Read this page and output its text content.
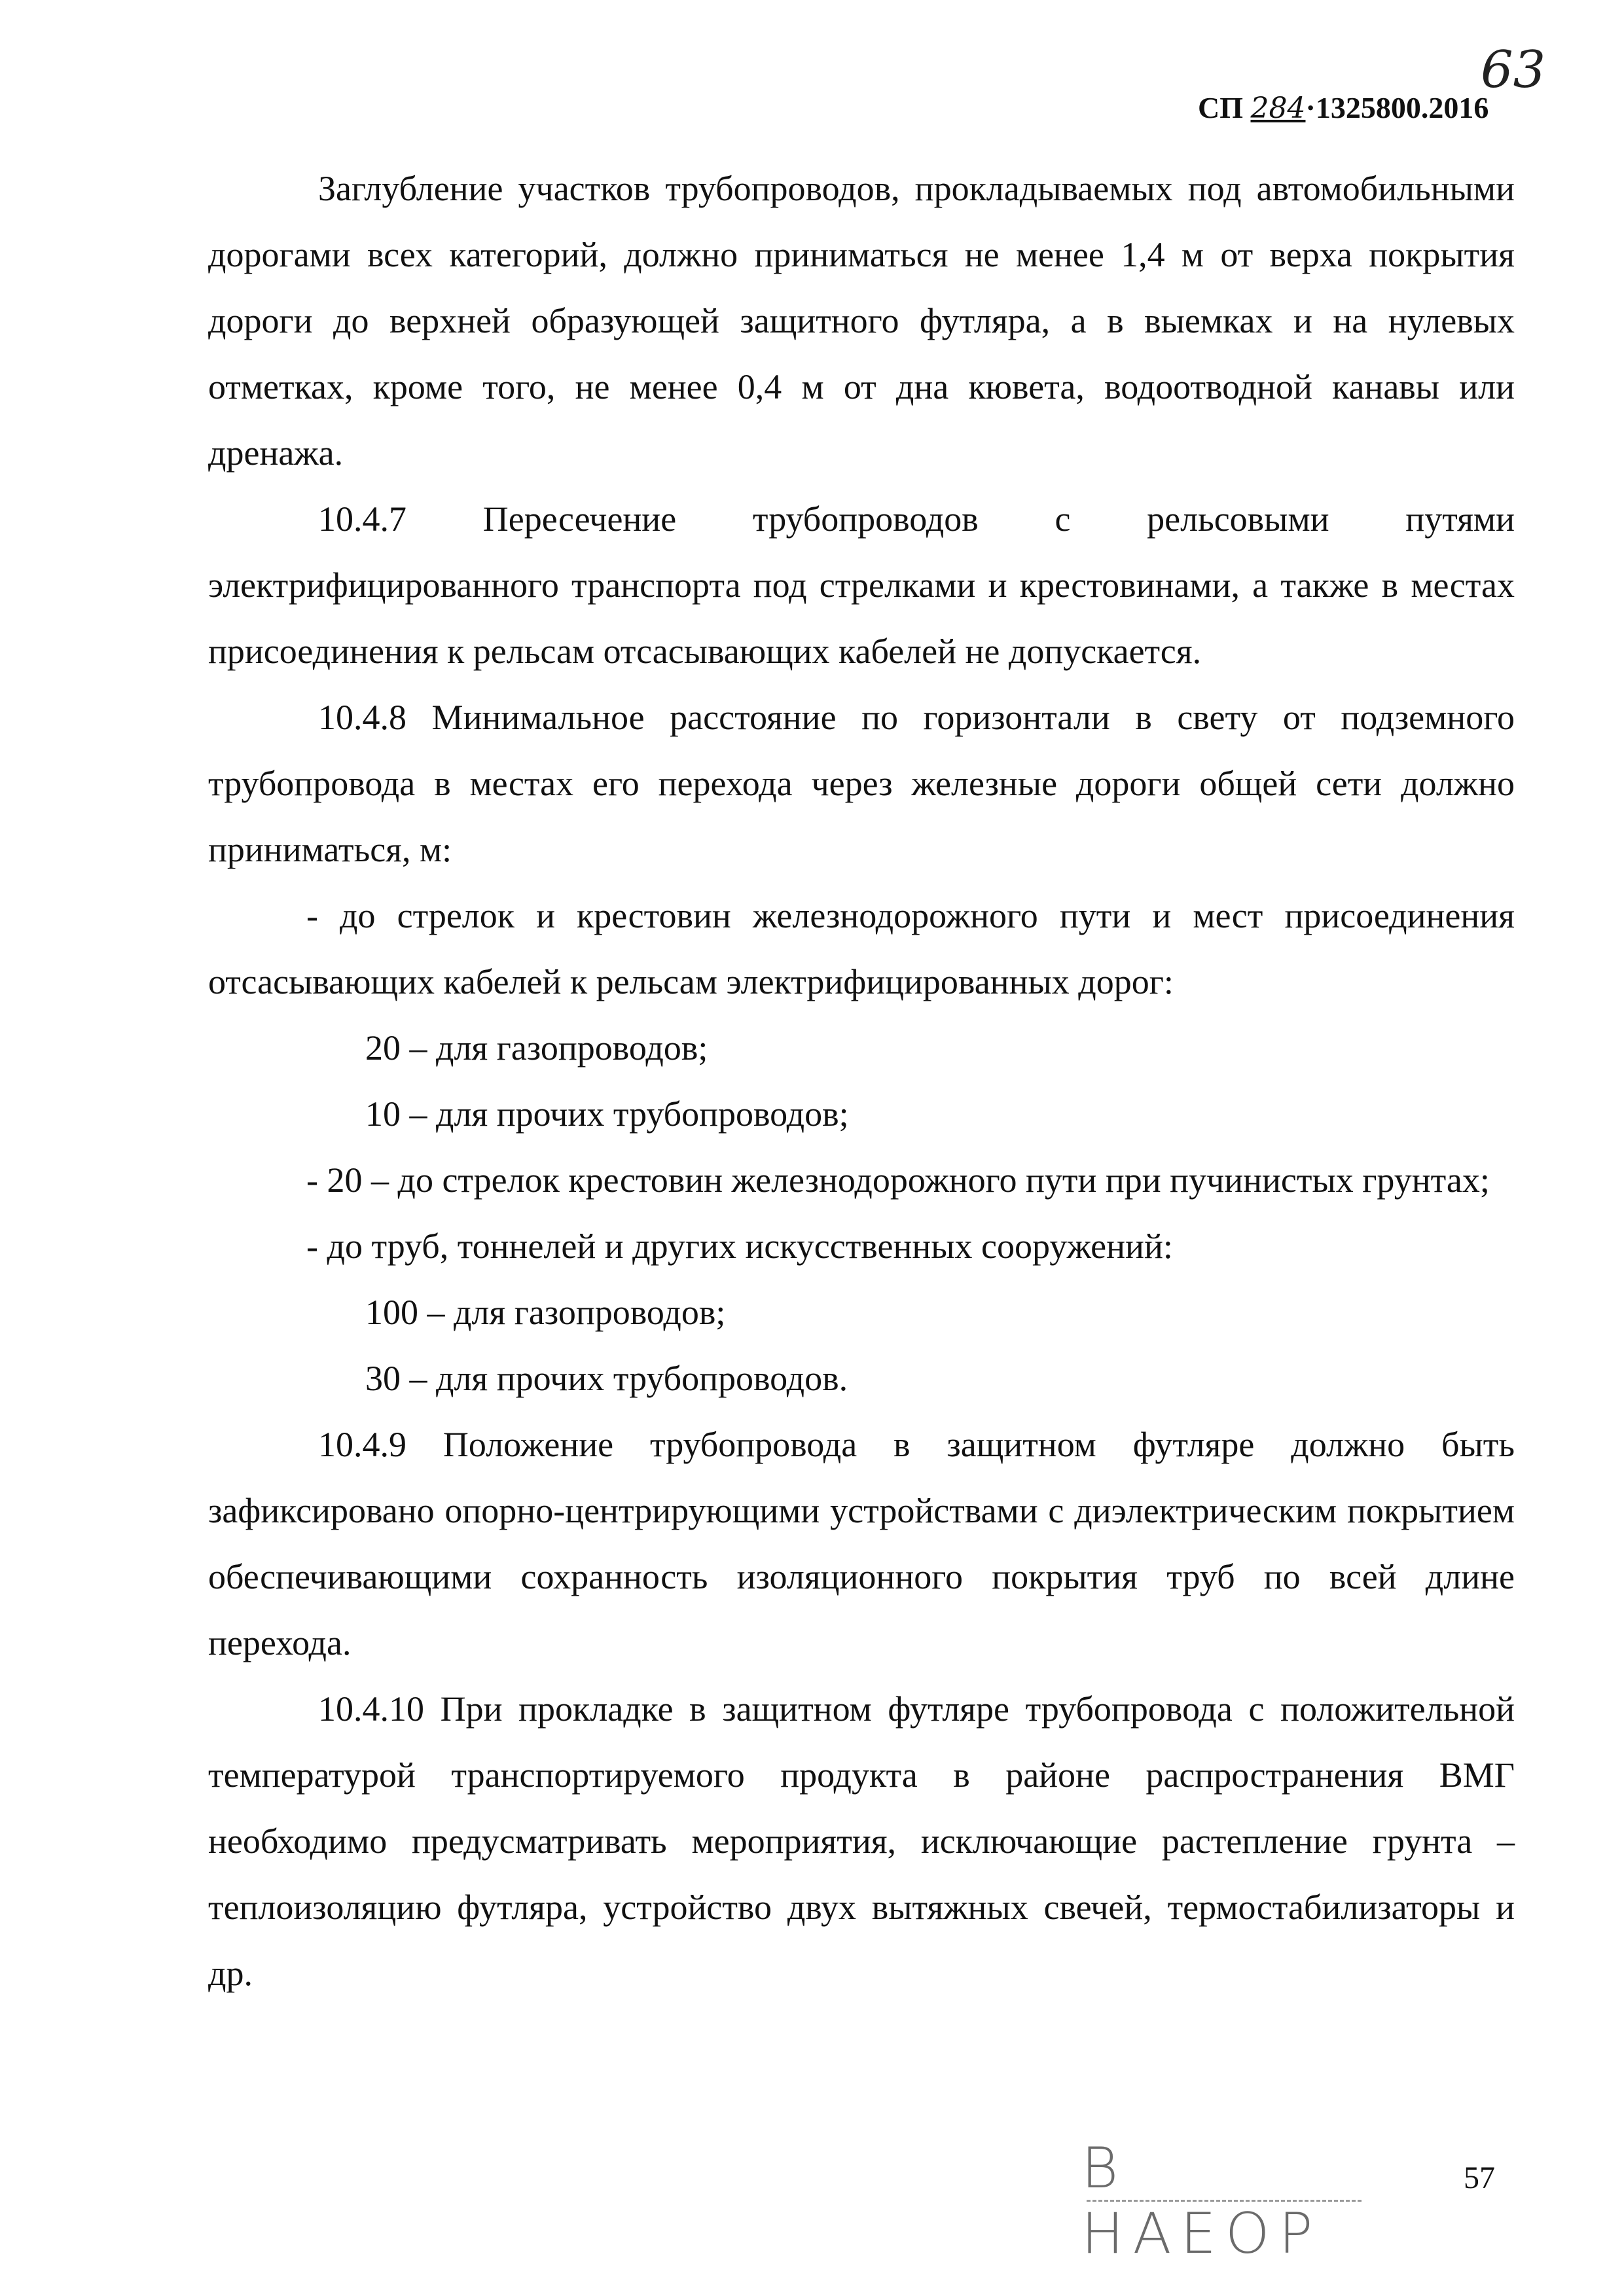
63
СП 284·1325800.2016

Заглубление участков трубопроводов, прокладываемых под автомобильными дорогами всех категорий, должно приниматься не менее 1,4 м от верха покрытия дороги до верхней образующей защитного футляра, а в выемках и на нулевых отметках, кроме того, не менее 0,4 м от дна кювета, водоотводной канавы или дренажа.

10.4.7 Пересечение трубопроводов с рельсовыми путями электрифицированного транспорта под стрелками и крестовинами, а также в местах присоединения к рельсам отсасывающих кабелей не допускается.

10.4.8 Минимальное расстояние по горизонтали в свету от подземного трубопровода в местах его перехода через железные дороги общей сети должно приниматься, м:

- до стрелок и крестовин железнодорожного пути и мест присоединения отсасывающих кабелей к рельсам электрифицированных дорог:

20 – для газопроводов;

10 – для прочих трубопроводов;

- 20 – до стрелок крестовин железнодорожного пути при пучинистых грунтах;

- до труб, тоннелей и других искусственных сооружений:

100 – для газопроводов;

30 – для прочих трубопроводов.

10.4.9 Положение трубопровода в защитном футляре должно быть зафиксировано опорно-центрирующими устройствами с диэлектрическим покрытием обеспечивающими сохранность изоляционного покрытия труб по всей длине перехода.

10.4.10 При прокладке в защитном футляре трубопровода с положительной температурой транспортируемого продукта в районе распространения ВМГ необходимо предусматривать мероприятия, исключающие растепление грунта – теплоизоляцию футляра, устройство двух вытяжных свечей, термостабилизаторы и др.

В НАЕОР
57
